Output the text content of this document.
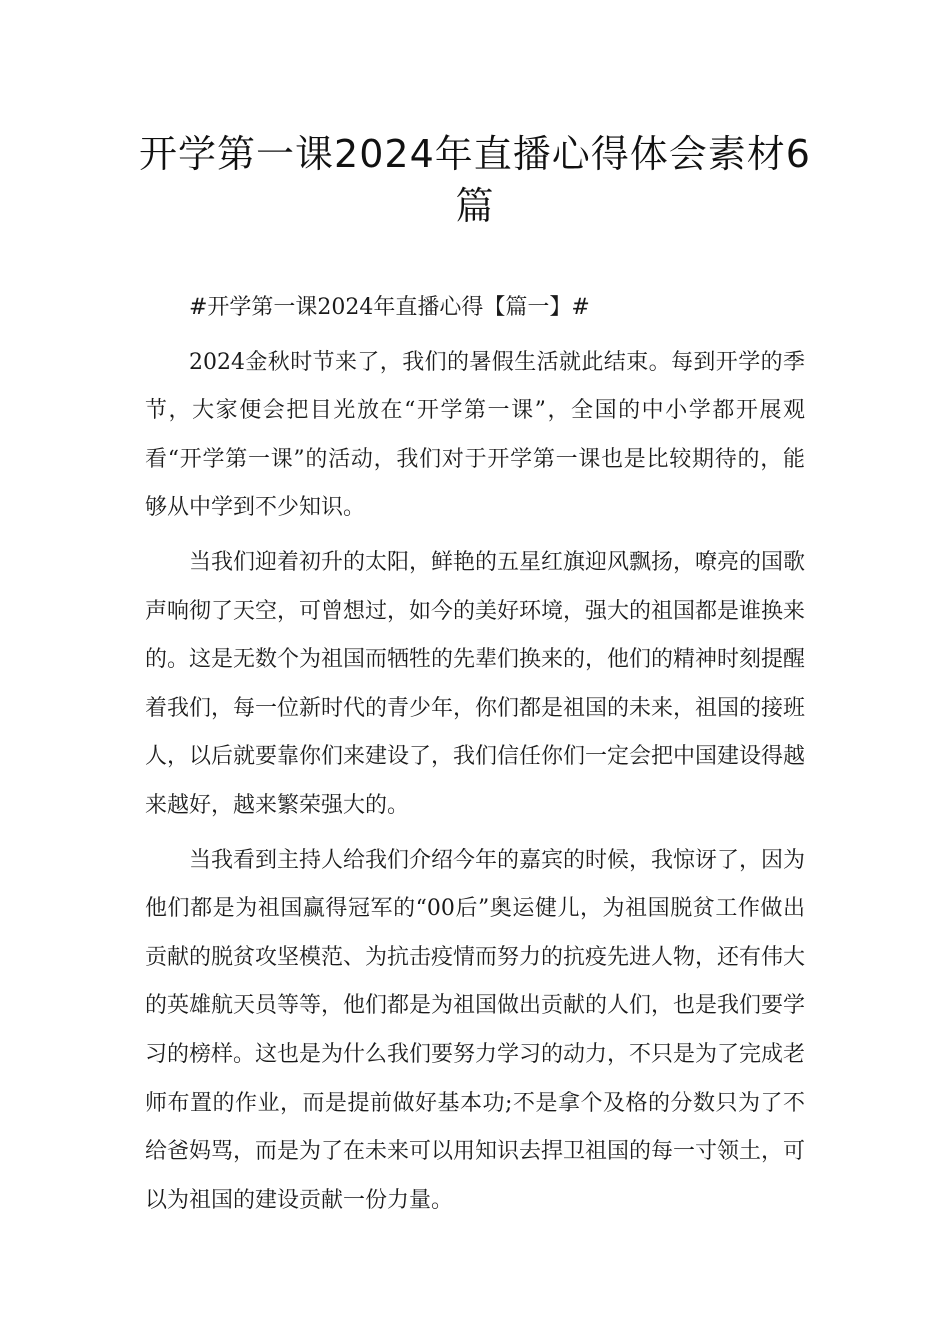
开学第一课2024年直播心得体会素材6篇

#开学第一课2024年直播心得【篇一】#

2024金秋时节来了，我们的暑假生活就此结束。每到开学的季节，大家便会把目光放在“开学第一课”，全国的中小学都开展观看“开学第一课”的活动，我们对于开学第一课也是比较期待的，能够从中学到不少知识。

当我们迎着初升的太阳，鲜艳的五星红旗迎风飘扬，嘹亮的国歌声响彻了天空，可曾想过，如今的美好环境，强大的祖国都是谁换来的。这是无数个为祖国而牺牲的先辈们换来的，他们的精神时刻提醒着我们，每一位新时代的青少年，你们都是祖国的未来，祖国的接班人，以后就要靠你们来建设了，我们信任你们一定会把中国建设得越来越好，越来繁荣强大的。

当我看到主持人给我们介绍今年的嘉宾的时候，我惊讶了，因为他们都是为祖国赢得冠军的“00后”奥运健儿，为祖国脱贫工作做出贡献的脱贫攻坚模范、为抗击疫情而努力的抗疫先进人物，还有伟大的英雄航天员等等，他们都是为祖国做出贡献的人们，也是我们要学习的榜样。这也是为什么我们要努力学习的动力，不只是为了完成老师布置的作业，而是提前做好基本功;不是拿个及格的分数只为了不给爸妈骂，而是为了在未来可以用知识去捍卫祖国的每一寸领土，可以为祖国的建设贡献一份力量。
